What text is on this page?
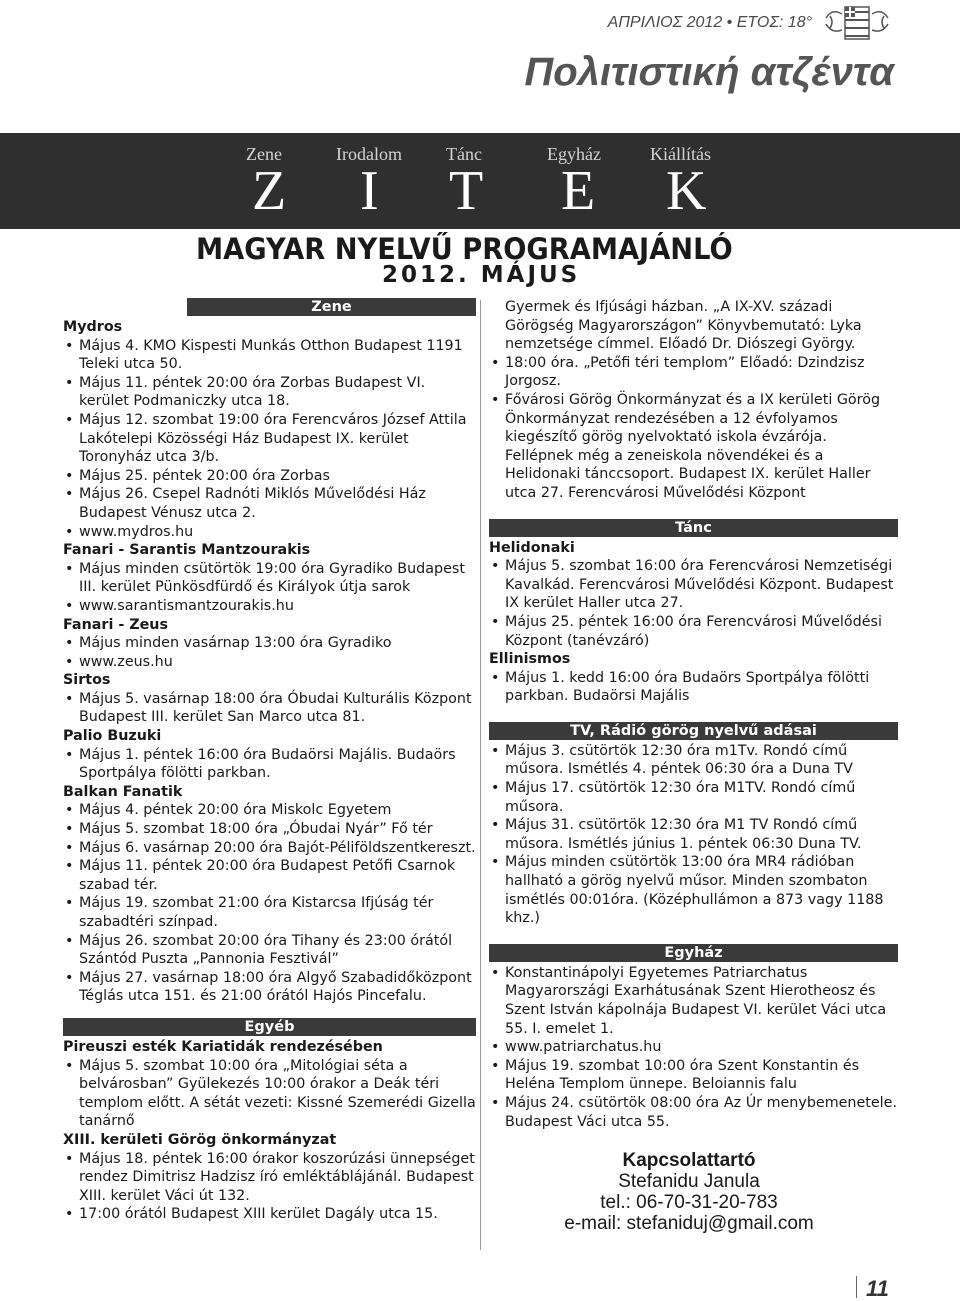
ΑΠΡΙΛΙΟΣ 2012 • ΕΤΟΣ: 18°
Πολιτιστική ατζέντα
Zene
Z
Irodalom
I
Tánc
T
Egyház
E
Kiállítás
K
MAGYAR NYELVŰ PROGRAMAJÁNLÓ
2012. MÁJUS
Zene
Mydros
• Május 4. KMO Kispesti Munkás Otthon Budapest 1191 Teleki utca 50.
• Május 11. péntek 20:00 óra Zorbas Budapest VI. kerület Podmaniczky utca 18.
• Május 12. szombat 19:00 óra Ferencváros József Attila Lakótelepi Közösségi Ház Budapest IX. kerület Toronyház utca 3/b.
• Május 25. péntek 20:00 óra Zorbas
• Május 26. Csepel Radnóti Miklós Művelődési Ház Budapest Vénusz utca 2.
• www.mydros.hu
Fanari - Sarantis Mantzourakis
• Május minden csütörtök 19:00 óra Gyradiko Budapest III. kerület Pünkösdfürdő és Királyok útja sarok
• www.sarantismantzourakis.hu
Fanari - Zeus
• Május minden vasárnap 13:00 óra Gyradiko
• www.zeus.hu
Sirtos
• Május 5. vasárnap 18:00 óra Óbudai Kulturális Központ Budapest III. kerület San Marco utca 81.
Palio Buzuki
• Május 1. péntek 16:00 óra Budaörsi Majális. Budaörs Sportpálya fölötti parkban.
Balkan Fanatik
• Május 4. péntek 20:00 óra Miskolc Egyetem
• Május 5. szombat 18:00 óra „Óbudai Nyár” Fő tér
• Május 6. vasárnap 20:00 óra Bajót-Péliföldszentkereszt.
• Május 11. péntek 20:00 óra Budapest Petőfi Csarnok szabad tér.
• Május 19. szombat 21:00 óra Kistarcsa Ifjúság tér szabadtéri színpad.
• Május 26. szombat 20:00 óra Tihany és 23:00 órától Szántód Puszta „Pannonia Fesztivál”
• Május 27. vasárnap 18:00 óra Algyő Szabadidőközpont Téglás utca 151. és 21:00 órától Hajós Pincefalu.
Egyéb
Pireuszi esték Kariatidák rendezésében
• Május 5. szombat 10:00 óra „Mitológiai séta a belvárosban” Gyülekezés 10:00 órakor a Deák téri templom előtt. A sétát vezeti: Kissné Szemerédi Gizella tanárnő
XIII. kerületi Görög önkormányzat
• Május 18. péntek 16:00 órakor koszorúzási ünnepséget rendez Dimitrisz Hadzisz író emléktáblájánál. Budapest XIII. kerület Váci út 132.
• 17:00 órától Budapest XIII kerület Dagály utca 15.
Gyermek és Ifjúsági házban. „A IX-XV. századi Görögség Magyarországon” Könyvbemutató: Lyka nemzetsége címmel. Előadó Dr. Diószegi György.
• 18:00 óra. „Petőfi téri templom” Előadó: Dzindzisz Jorgosz.
• Fővárosi Görög Önkormányzat és a IX kerületi Görög Önkormányzat rendezésében a 12 évfolyamos kiegészítő görög nyelvoktató iskola évzárója. Fellépnek még a zeneiskola növendékei és a Helidonaki tánccsoport. Budapest IX. kerület Haller utca 27. Ferencvárosi Művelődési Központ
Tánc
Helidonaki
• Május 5. szombat 16:00 óra Ferencvárosi Nemzetiségi Kavalkád. Ferencvárosi Művelődési Központ. Budapest IX kerület Haller utca 27.
• Május 25. péntek 16:00 óra Ferencvárosi Művelődési Központ (tanévzáró)
Ellinismos
• Május 1. kedd 16:00 óra Budaörs Sportpálya fölötti parkban. Budaörsi Majális
TV, Rádió görög nyelvű adásai
• Május 3. csütörtök 12:30 óra m1Tv. Rondó című műsora. Ismétlés 4. péntek 06:30 óra a Duna TV
• Május 17. csütörtök 12:30 óra M1TV. Rondó című műsora.
• Május 31. csütörtök 12:30 óra M1 TV Rondó című műsora. Ismétlés június 1. péntek 06:30 Duna TV.
• Május minden csütörtök 13:00 óra MR4 rádióban hallható a görög nyelvű műsor. Minden szombaton ismétlés 00:01óra. (Középhullámon a 873 vagy 1188 khz.)
Egyház
• Konstantinápolyi Egyetemes Patriarchatus Magyarországi Exarhátusának Szent Hierotheosz és Szent István kápolnája Budapest VI. kerület Váci utca 55. I. emelet 1.
• www.patriarchatus.hu
• Május 19. szombat 10:00 óra Szent Konstantin és Heléna Templom ünnepe. Beloiannis falu
• Május 24. csütörtök 08:00 óra Az Úr menybemenetele. Budapest Váci utca 55.
Kapcsolattartó
Stefanidu Janula
tel.: 06-70-31-20-783
e-mail: stefaniduj@gmail.com
11
